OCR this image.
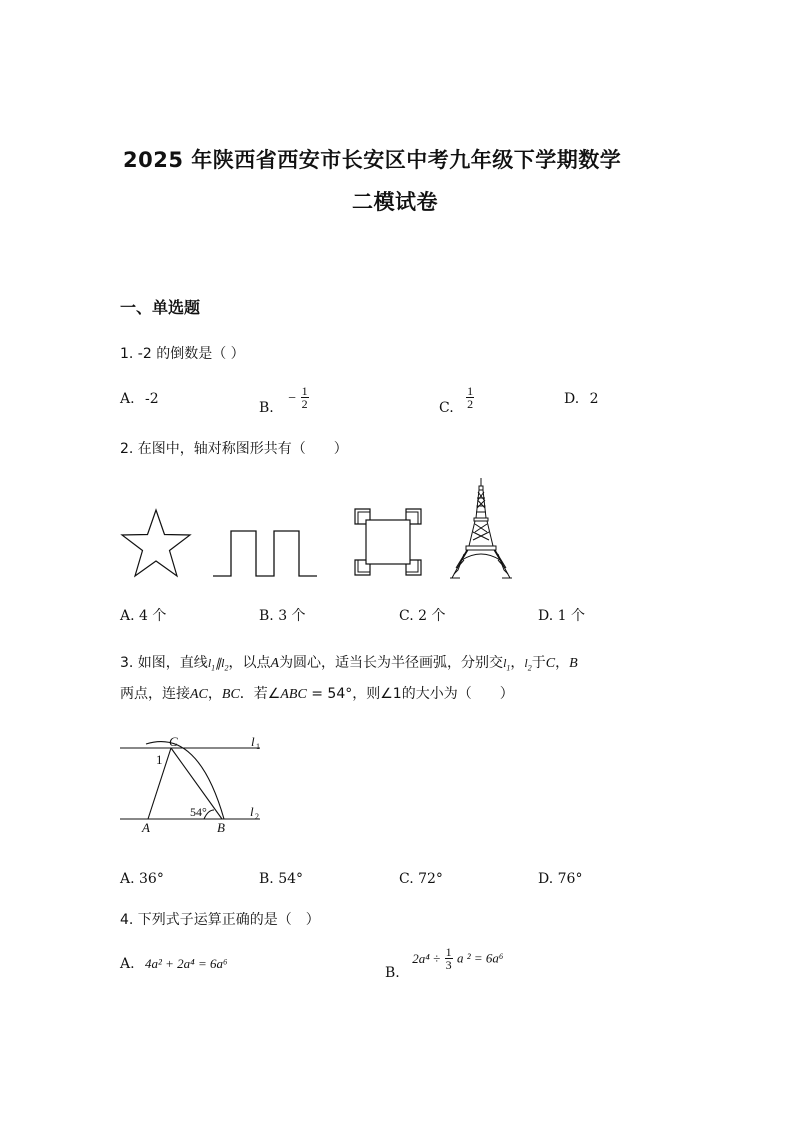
2025 年陕西省西安市长安区中考九年级下学期数学
二模试卷
一、单选题
1. -2 的倒数是（ ）
A. -2
B. − $\frac{1}{2}$	C. $\frac{1}{2}$	D. 2
2. 在图中，轴对称图形共有（　　）
A. 4 个	B. 3 个	C. 2 个	D. 1 个
3. 如图，直线$l_1\parallel l_2$，以点A为圆心，适当长为半径画弧，分别交$l_1$，$l_2$于C，B
两点，连接AC，BC．若∠ABC = 54°，则∠1的大小为（　　）
C
1
l 1
54°
A	B
l 2
A. 36°	B. 54°	C. 72°	D. 76°
4. 下列式子运算正确的是（　）
A. 4a² + 2a⁴ = 6a⁶
B. $2a^4 \div \frac{1}{3}$ a ² = 6a⁶
